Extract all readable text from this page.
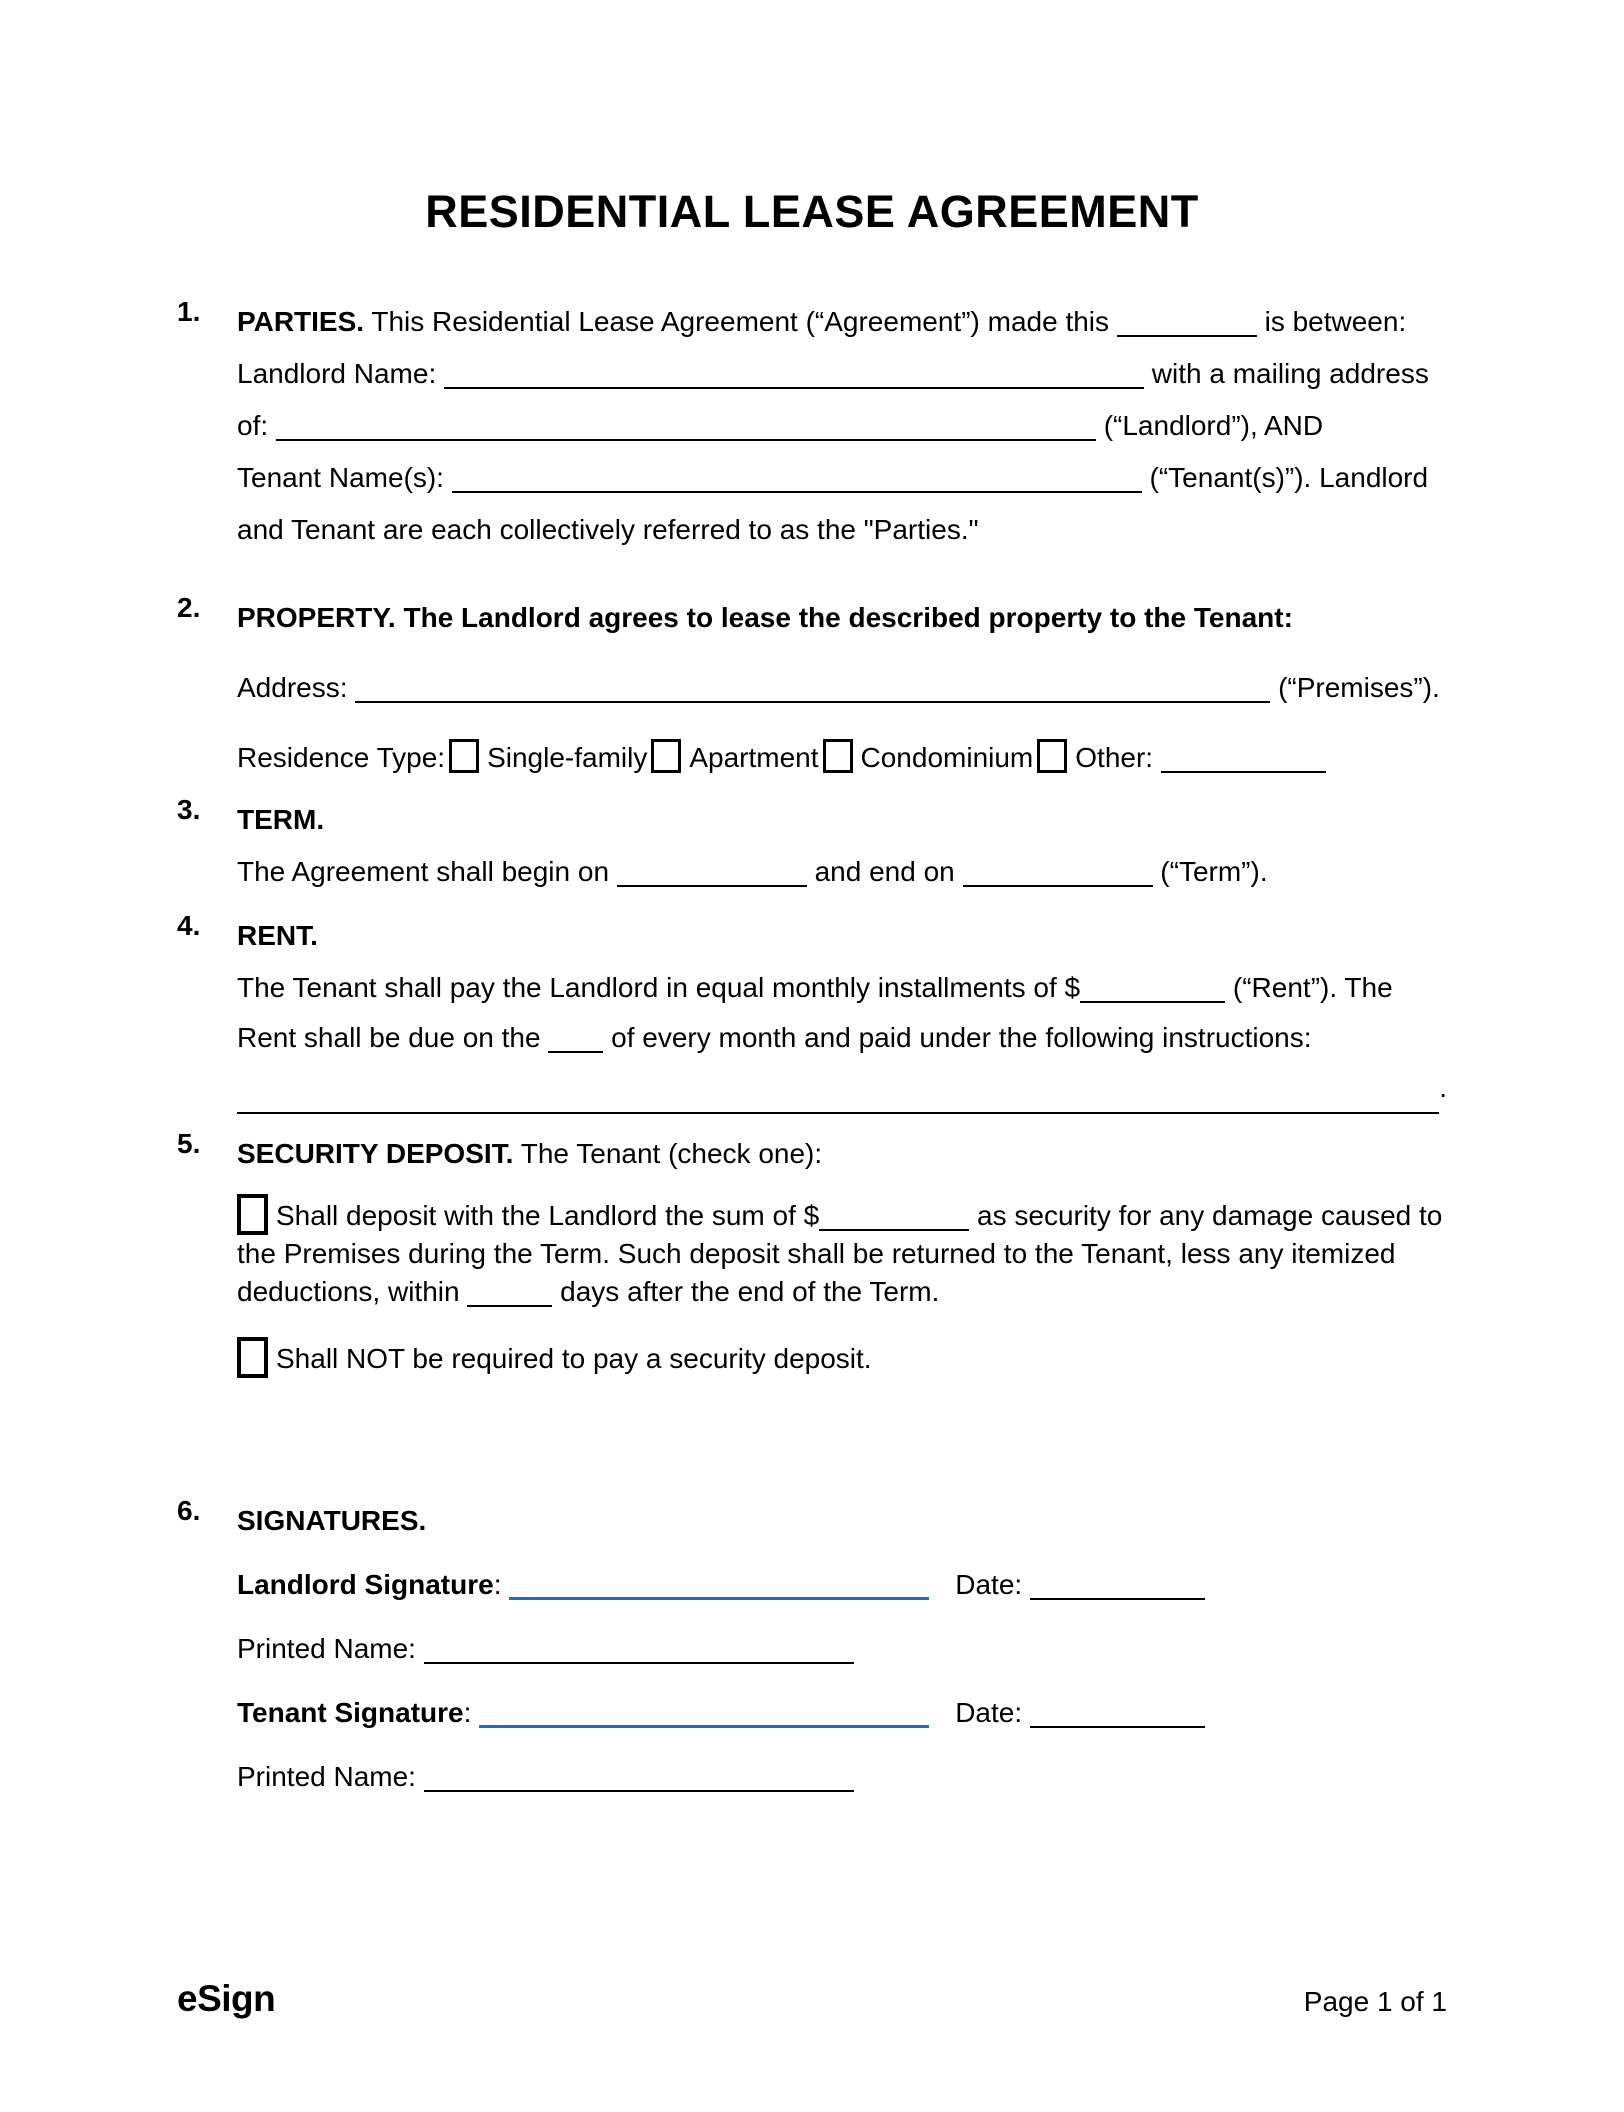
RESIDENTIAL LEASE AGREEMENT
1.	PARTIES. This Residential Lease Agreement (“Agreement”) made this	is between:

Landlord Name:	with a mailing address

of:	(“Landlord”), AND

Tenant Name(s):	(“Tenant(s)”). Landlord

and Tenant are each collectively referred to as the "Parties."

2.	PROPERTY. The Landlord agrees to lease the described property to the Tenant:

Address:	(“Premises”).

Residence Type: Single-family Apartment Condominium Other:

3.	TERM.

The Agreement shall begin on	and end on	(“Term”).

4.	RENT.

The Tenant shall pay the Landlord in equal monthly installments of $	(“Rent”). The

Rent shall be due on the	of every month and paid under the following instructions:

.

5.	SECURITY DEPOSIT. The Tenant (check one):

Shall deposit with the Landlord the sum of $	as security for any damage caused to the Premises during the Term. Such deposit shall be returned to the Tenant, less any itemized deductions, within	days after the end of the Term.

Shall NOT be required to pay a security deposit.

6.	SIGNATURES.

Landlord Signature:	Date:

Printed Name:

Tenant Signature:	Date:

Printed Name:

eSign	Page 1 of 1
